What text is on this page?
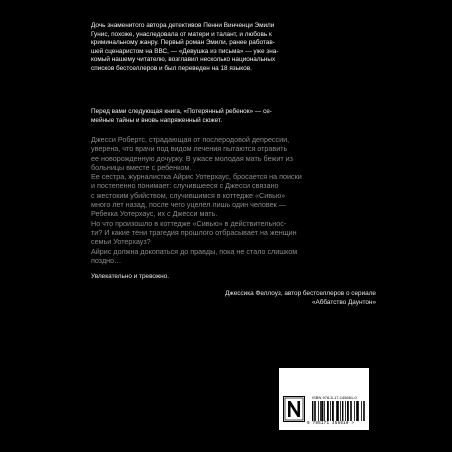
Дочь знаменитого автора детективов Пенни Винченци Эмили
Гунис, похоже, унаследовала от матери и талант, и любовь к
криминальному жанру. Первый роман Эмили, ранее работав-
шей сценаристом на ВВС, — «Девушка из письма» — уже зна-
комый нашему читателю, возглавил несколько национальных
списков бестселлеров и был переведен на 18 языков.

Перед вами следующая книга, «Потерянный ребенок» — се-
мейные тайны и вновь напряженный сюжет.

Джесси Робертс, страдающая от послеродовой депрессии,
уверена, что врачи под видом лечения пытаются отравить
ее новорожденную дочурку. В ужасе молодая мать бежит из
больницы вместе с ребенком.
Ее сестра, журналистка Айрис Уотерхаус, бросается на поиски
и постепенно понимает: случившееся с Джесси связано
с жестоким убийством, случившимся в коттедже «Сивью»
много лет назад, после чего уцелел лишь один человек —
Ребекка Уотерхаус, их с Джесси мать.
Но что произошло в коттедже «Сивью» в действительнос-
ти? И какие тени трагедия прошлого отбрасывает на женщин
семьи Уотерхауз?
Айрис должна докопаться до правды, пока не стало слишком
поздно…

Увлекательно и тревожно.

Джессика Феллоуз, автор бестселлеров о сериале
«Аббатство Даунтон»

ISBN 978-5-17-145661-0
9 785171 456610 >
